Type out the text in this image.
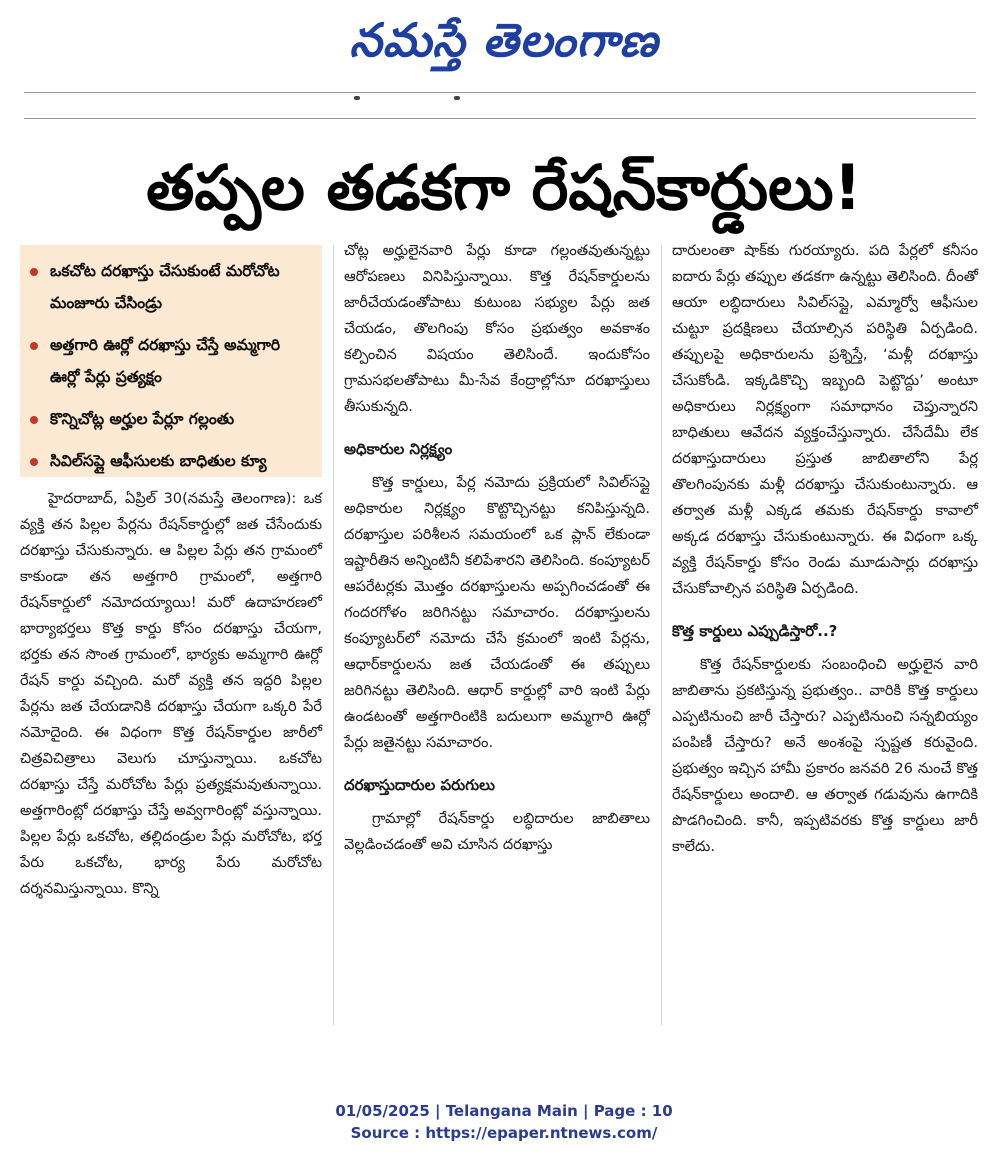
నమస్తే తెలంగాణ
తప్పల తడకగా రేషన్‌కార్డులు!
ఒకచోట దరఖాస్తు చేసుకుంటే మరోచోట మంజూరు చేసిండ్రు
అత్తగారి ఊర్లో దరఖాస్తు చేస్తే అమ్మగారి ఊర్లో పేర్లు ప్రత్యక్షం
కొన్నిచోట్ల అర్హుల పేర్లూ గల్లంతు
సివిల్‌సప్లై ఆఫీసులకు బాధితుల క్యూ

హైదరాబాద్, ఏప్రిల్ 30(నమస్తే తెలంగాణ): ఒక వ్యక్తి తన పిల్లల పేర్లను రేషన్‌కార్డుల్లో జత చేసేందుకు దరఖాస్తు చేసుకున్నారు. ఆ పిల్లల పేర్లు తన గ్రామంలో కాకుండా తన అత్తగారి గ్రామంలో, అత్తగారి రేషన్‌కార్డులో నమోదయ్యాయి! మరో ఉదాహరణలో భార్యాభర్తలు కొత్త కార్డు కోసం దరఖాస్తు చేయగా, భర్తకు తన సొంత గ్రామంలో, భార్యకు అమ్మగారి ఊర్లో రేషన్ కార్డు వచ్చింది. మరో వ్యక్తి తన ఇద్దరి పిల్లల పేర్లను జత చేయడానికి దరఖాస్తు చేయగా ఒక్కరి పేరే నమోదైంది. ఈ విధంగా కొత్త రేషన్‌కార్డుల జారీలో చిత్రవిచిత్రాలు వెలుగు చూస్తున్నాయి. ఒకచోట దరఖాస్తు చేస్తే మరోచోట పేర్లు ప్రత్యక్షమవుతున్నాయి. అత్తగారింట్లో దరఖాస్తు చేస్తే అవ్వగారింట్లో వస్తున్నాయి. పిల్లల పేర్లు ఒకచోట, తల్లిదండ్రుల పేర్లు మరోచోట, భర్త పేరు ఒకచోట, భార్య పేరు మరోచోట దర్శనమిస్తున్నాయి. కొన్ని

చోట్ల అర్హులైనవారి పేర్లు కూడా గల్లంతవుతున్నట్టు ఆరోపణలు వినిపిస్తున్నాయి. కొత్త రేషన్‌కార్డులను జారీచేయడంతోపాటు కుటుంబ సభ్యుల పేర్లు జత చేయడం, తొలగింపు కోసం ప్రభుత్వం అవకాశం కల్పించిన విషయం తెలిసిందే. ఇందుకోసం గ్రామసభలతోపాటు మీ-సేవ కేంద్రాల్లోనూ దరఖాస్తులు తీసుకున్నది.

అధికారుల నిర్లక్ష్యం

కొత్త కార్డులు, పేర్ల నమోదు ప్రక్రియలో సివిల్‌సప్లై అధికారుల నిర్లక్ష్యం కొట్టొచ్చినట్టు కనిపిస్తున్నది. దరఖాస్తుల పరిశీలన సమయంలో ఒక ప్లాన్ లేకుండా ఇష్టారీతిన అన్నింటినీ కలిపేశారని తెలిసింది. కంప్యూటర్ ఆపరేటర్లకు మొత్తం దరఖాస్తులను అప్పగించడంతో ఈ గందరగోళం జరిగినట్టు సమాచారం. దరఖాస్తులను కంప్యూటర్‌లో నమోదు చేసే క్రమంలో ఇంటి పేర్లను, ఆధార్‌కార్డులను జత చేయడంతో ఈ తప్పులు జరిగినట్టు తెలిసింది. ఆధార్ కార్డుల్లో వారి ఇంటి పేర్లు ఉండటంతో అత్తగారింటికి బదులుగా అమ్మగారి ఊర్లో పేర్లు జతైనట్టు సమాచారం.

దరఖాస్తుదారుల పరుగులు

గ్రామాల్లో రేషన్‌కార్డు లబ్ధిదారుల జాబితాలు వెల్లడించడంతో అవి చూసిన దరఖాస్తు

దారులంతా షాక్‌కు గురయ్యారు. పది పేర్లలో కనీసం ఐదారు పేర్లు తప్పుల తడకగా ఉన్నట్టు తెలిసింది. దీంతో ఆయా లబ్ధిదారులు సివిల్‌సప్లై, ఎమ్మార్వో ఆఫీసుల చుట్టూ ప్రదక్షిణలు చేయాల్సిన పరిస్థితి ఏర్పడింది. తప్పులపై అధికారులను ప్రశ్నిస్తే, ‘మళ్లీ దరఖాస్తు చేసుకోండి. ఇక్కడికొచ్చి ఇబ్బంది పెట్టొద్దు’ అంటూ అధికారులు నిర్లక్ష్యంగా సమాధానం చెప్తున్నారని బాధితులు ఆవేదన వ్యక్తంచేస్తున్నారు. చేసేదేమీ లేక దరఖాస్తుదారులు ప్రస్తుత జాబితాలోని పేర్ల తొలగింపునకు మళ్లీ దరఖాస్తు చేసుకుంటున్నారు. ఆ తర్వాత మళ్లీ ఎక్కడ తమకు రేషన్‌కార్డు కావాలో అక్కడ దరఖాస్తు చేసుకుంటున్నారు. ఈ విధంగా ఒక్క వ్యక్తి రేషన్‌కార్డు కోసం రెండు మూడుసార్లు దరఖాస్తు చేసుకోవాల్సిన పరిస్థితి ఏర్పడింది.

కొత్త కార్డులు ఎప్పుడిస్తారో..?

కొత్త రేషన్‌కార్డులకు సంబంధించి అర్హులైన వారి జాబితాను ప్రకటిస్తున్న ప్రభుత్వం.. వారికి కొత్త కార్డులు ఎప్పటినుంచి జారీ చేస్తారు? ఎప్పటినుంచి సన్నబియ్యం పంపిణీ చేస్తారు? అనే అంశంపై స్పష్టత కరువైంది. ప్రభుత్వం ఇచ్చిన హామీ ప్రకారం జనవరి 26 నుంచే కొత్త రేషన్‌కార్డులు అందాలి. ఆ తర్వాత గడువును ఉగాదికి పొడగించింది. కానీ, ఇప్పటివరకు కొత్త కార్డులు జారీ కాలేదు.

01/05/2025 | Telangana Main | Page : 10
Source : https://epaper.ntnews.com/
